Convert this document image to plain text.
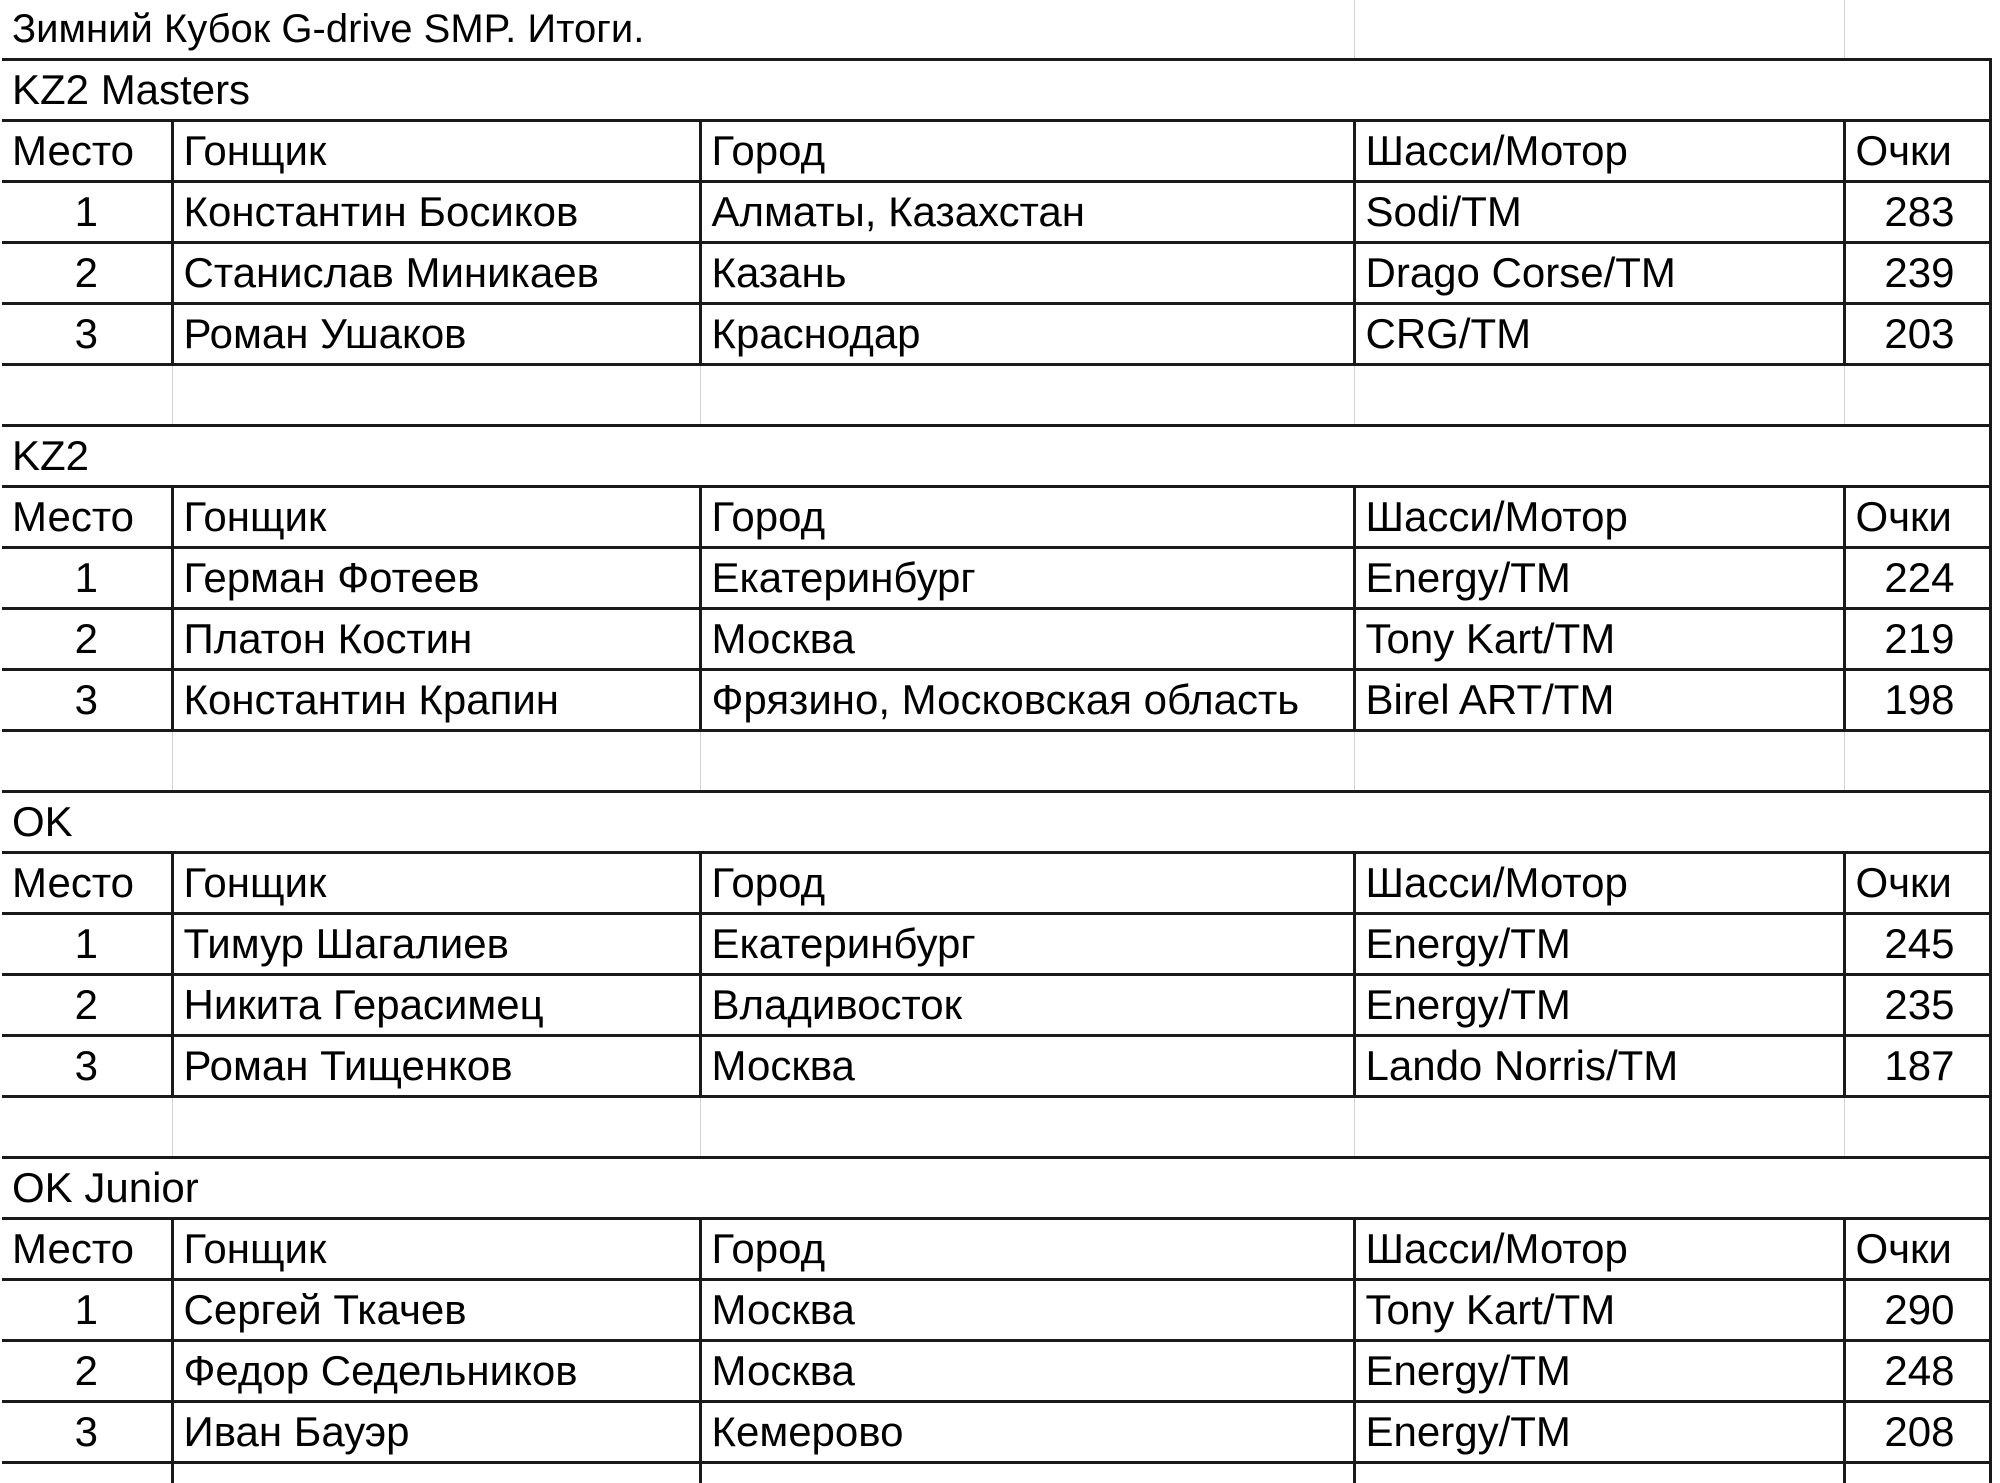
Зимний Кубок G-drive SMP. Итоги.				
KZ2 Masters				
Место	Гонщик	Город	Шасси/Мотор	Очки
1	Константин Босиков	Алматы, Казахстан	Sodi/TM	283
2	Станислав Миникаев	Казань	Drago Corse/TM	239
3	Роман Ушаков	Краснодар	CRG/TM	203

KZ2				
Место	Гонщик	Город	Шасси/Мотор	Очки
1	Герман Фотеев	Екатеринбург	Energy/TM	224
2	Платон Костин	Москва	Tony Kart/TM	219
3	Константин Крапин	Фрязино, Московская область	Birel ART/TM	198

OK				
Место	Гонщик	Город	Шасси/Мотор	Очки
1	Тимур Шагалиев	Екатеринбург	Energy/TM	245
2	Никита Герасимец	Владивосток	Energy/TM	235
3	Роман Тищенков	Москва	Lando Norris/TM	187

OK Junior				
Место	Гонщик	Город	Шасси/Мотор	Очки
1	Сергей Ткачев	Москва	Tony Kart/TM	290
2	Федор Седельников	Москва	Energy/TM	248
3	Иван Бауэр	Кемерово	Energy/TM	208
